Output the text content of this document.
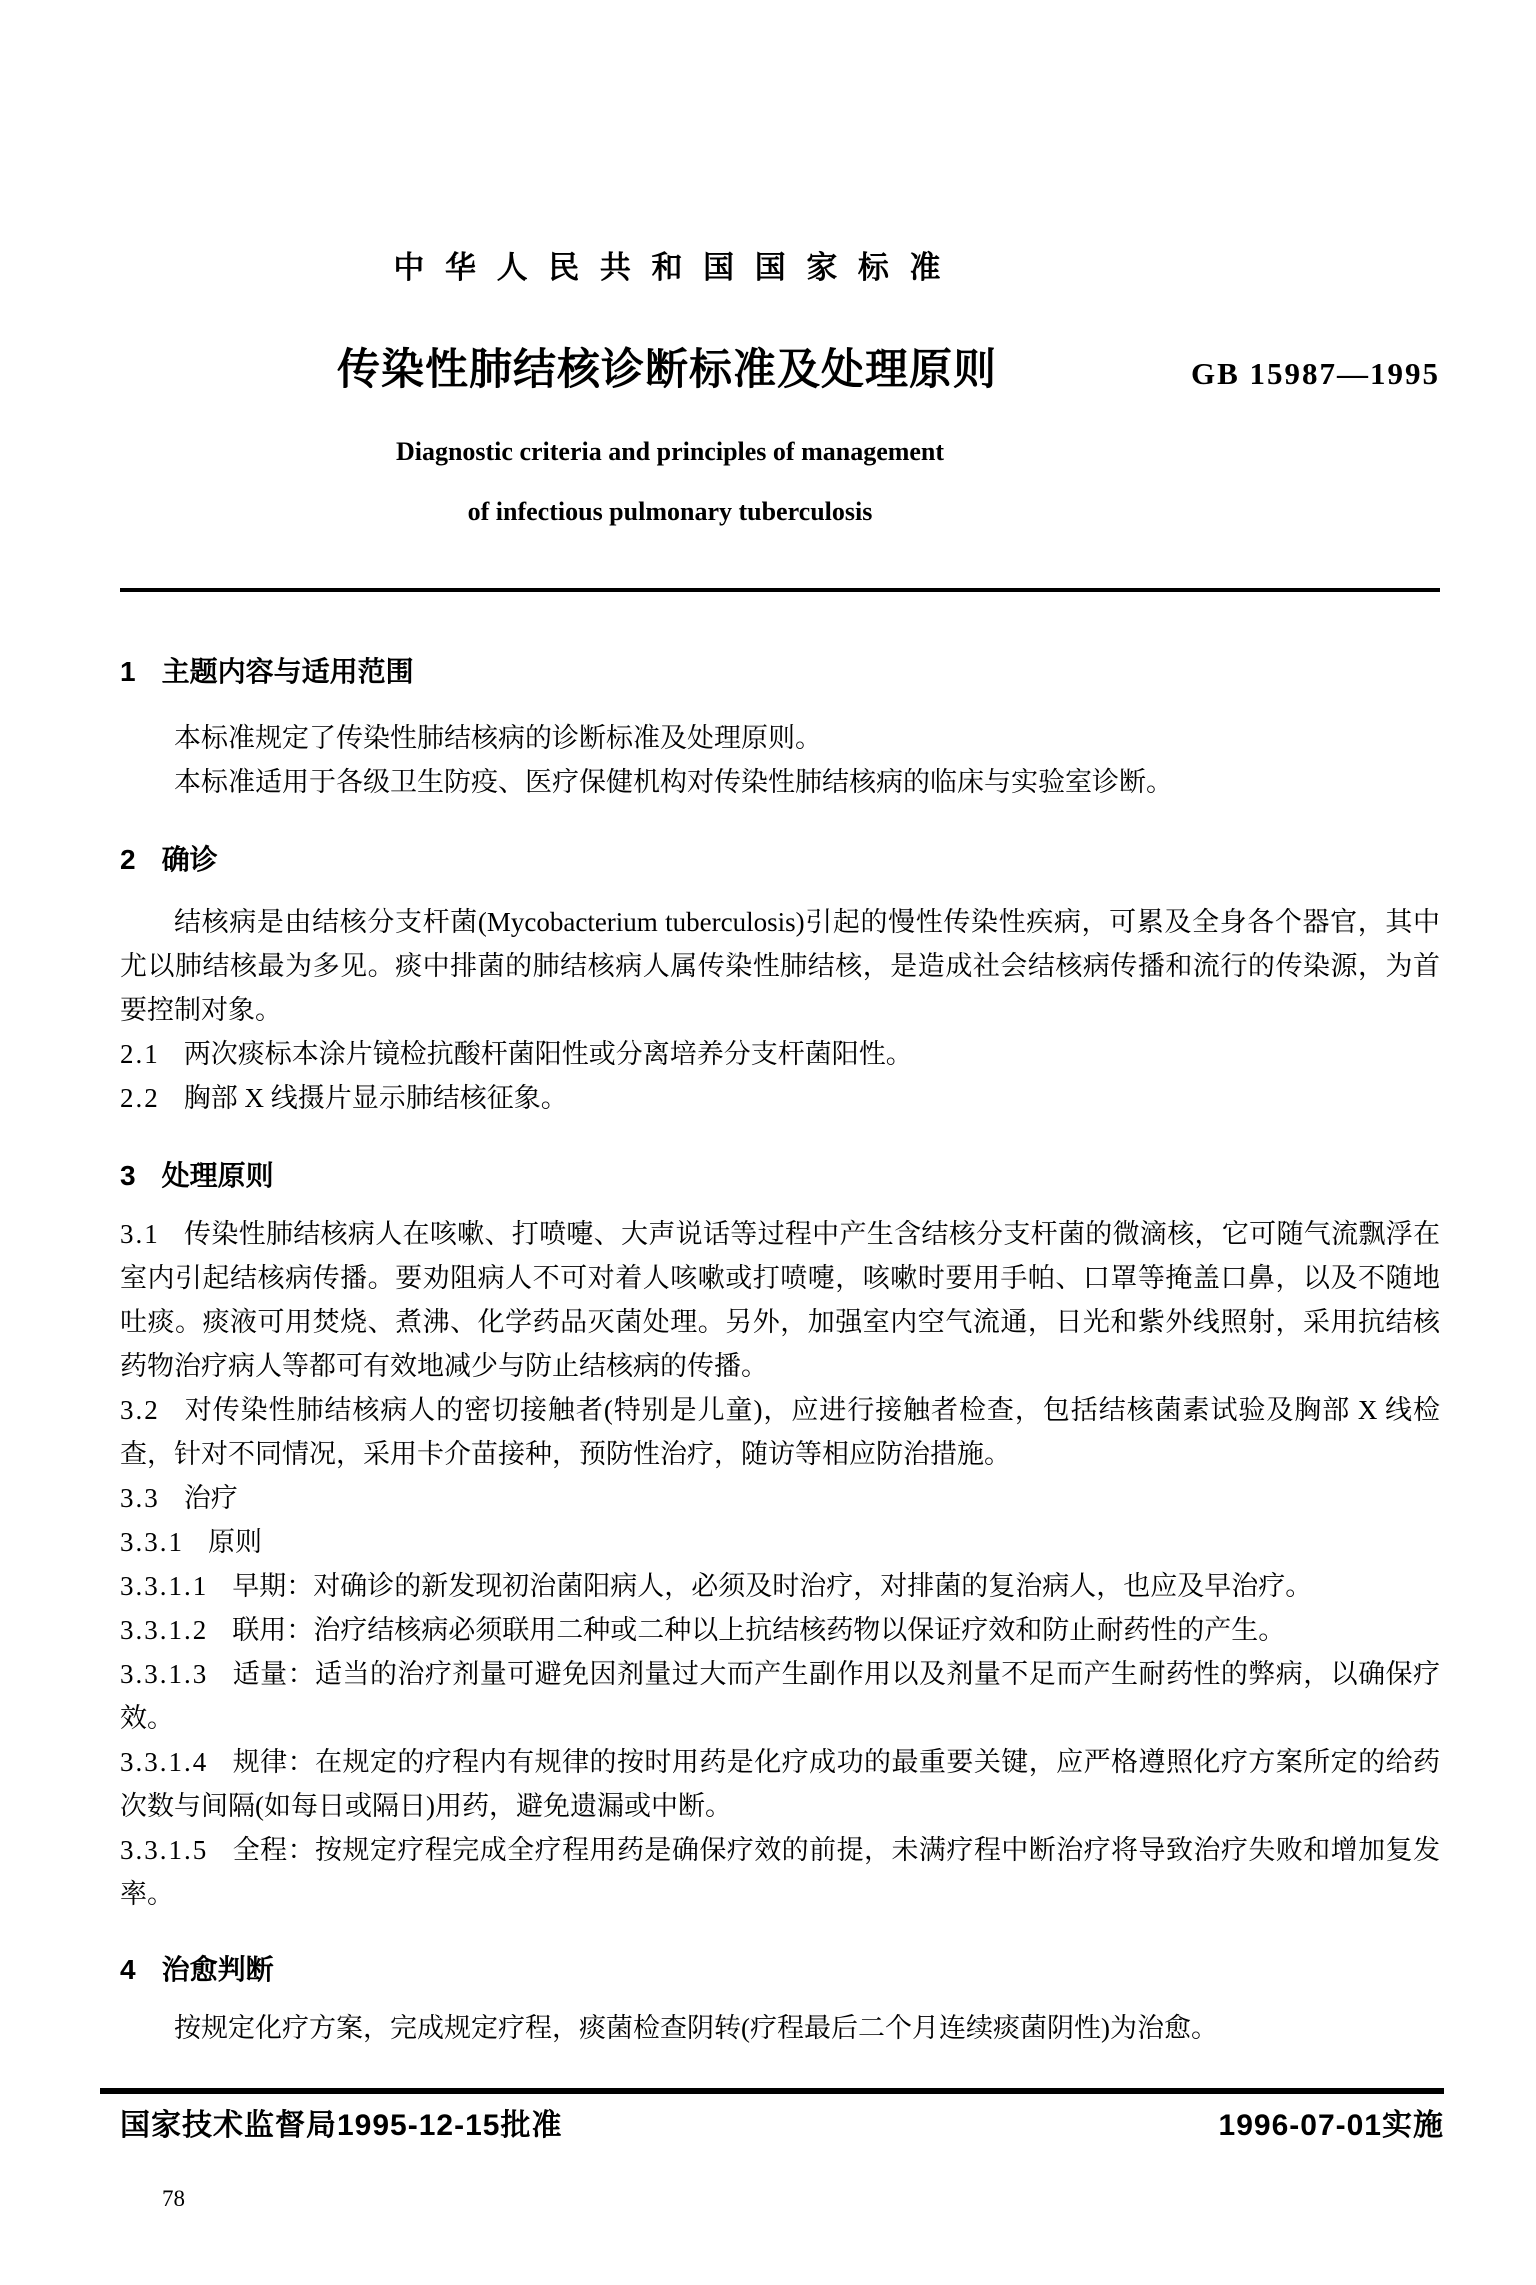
中 华 人 民 共 和 国 国 家 标 准
传染性肺结核诊断标准及处理原则	GB 15987—1995
Diagnostic criteria and principles of management
of infectious pulmonary tuberculosis
1 主题内容与适用范围

本标准规定了传染性肺结核病的诊断标准及处理原则。

本标准适用于各级卫生防疫、医疗保健机构对传染性肺结核病的临床与实验室诊断。

2 确诊

结核病是由结核分支杆菌(Mycobacterium tuberculosis)引起的慢性传染性疾病，可累及全身各个器官，其中尤以肺结核最为多见。痰中排菌的肺结核病人属传染性肺结核，是造成社会结核病传播和流行的传染源，为首要控制对象。

2.1 两次痰标本涂片镜检抗酸杆菌阳性或分离培养分支杆菌阳性。

2.2 胸部 X 线摄片显示肺结核征象。

3 处理原则

3.1 传染性肺结核病人在咳嗽、打喷嚏、大声说话等过程中产生含结核分支杆菌的微滴核，它可随气流飘浮在室内引起结核病传播。要劝阻病人不可对着人咳嗽或打喷嚏，咳嗽时要用手帕、口罩等掩盖口鼻，以及不随地吐痰。痰液可用焚烧、煮沸、化学药品灭菌处理。另外，加强室内空气流通，日光和紫外线照射，采用抗结核药物治疗病人等都可有效地减少与防止结核病的传播。

3.2 对传染性肺结核病人的密切接触者(特别是儿童)，应进行接触者检查，包括结核菌素试验及胸部 X 线检查，针对不同情况，采用卡介苗接种，预防性治疗，随访等相应防治措施。

3.3 治疗

3.3.1 原则

3.3.1.1 早期：对确诊的新发现初治菌阳病人，必须及时治疗，对排菌的复治病人，也应及早治疗。

3.3.1.2 联用：治疗结核病必须联用二种或二种以上抗结核药物以保证疗效和防止耐药性的产生。

3.3.1.3 适量：适当的治疗剂量可避免因剂量过大而产生副作用以及剂量不足而产生耐药性的弊病，以确保疗效。

3.3.1.4 规律：在规定的疗程内有规律的按时用药是化疗成功的最重要关键，应严格遵照化疗方案所定的给药次数与间隔(如每日或隔日)用药，避免遗漏或中断。

3.3.1.5 全程：按规定疗程完成全疗程用药是确保疗效的前提，未满疗程中断治疗将导致治疗失败和增加复发率。

4 治愈判断

按规定化疗方案，完成规定疗程，痰菌检查阴转(疗程最后二个月连续痰菌阴性)为治愈。

国家技术监督局1995-12-15批准	1996-07-01实施
78
